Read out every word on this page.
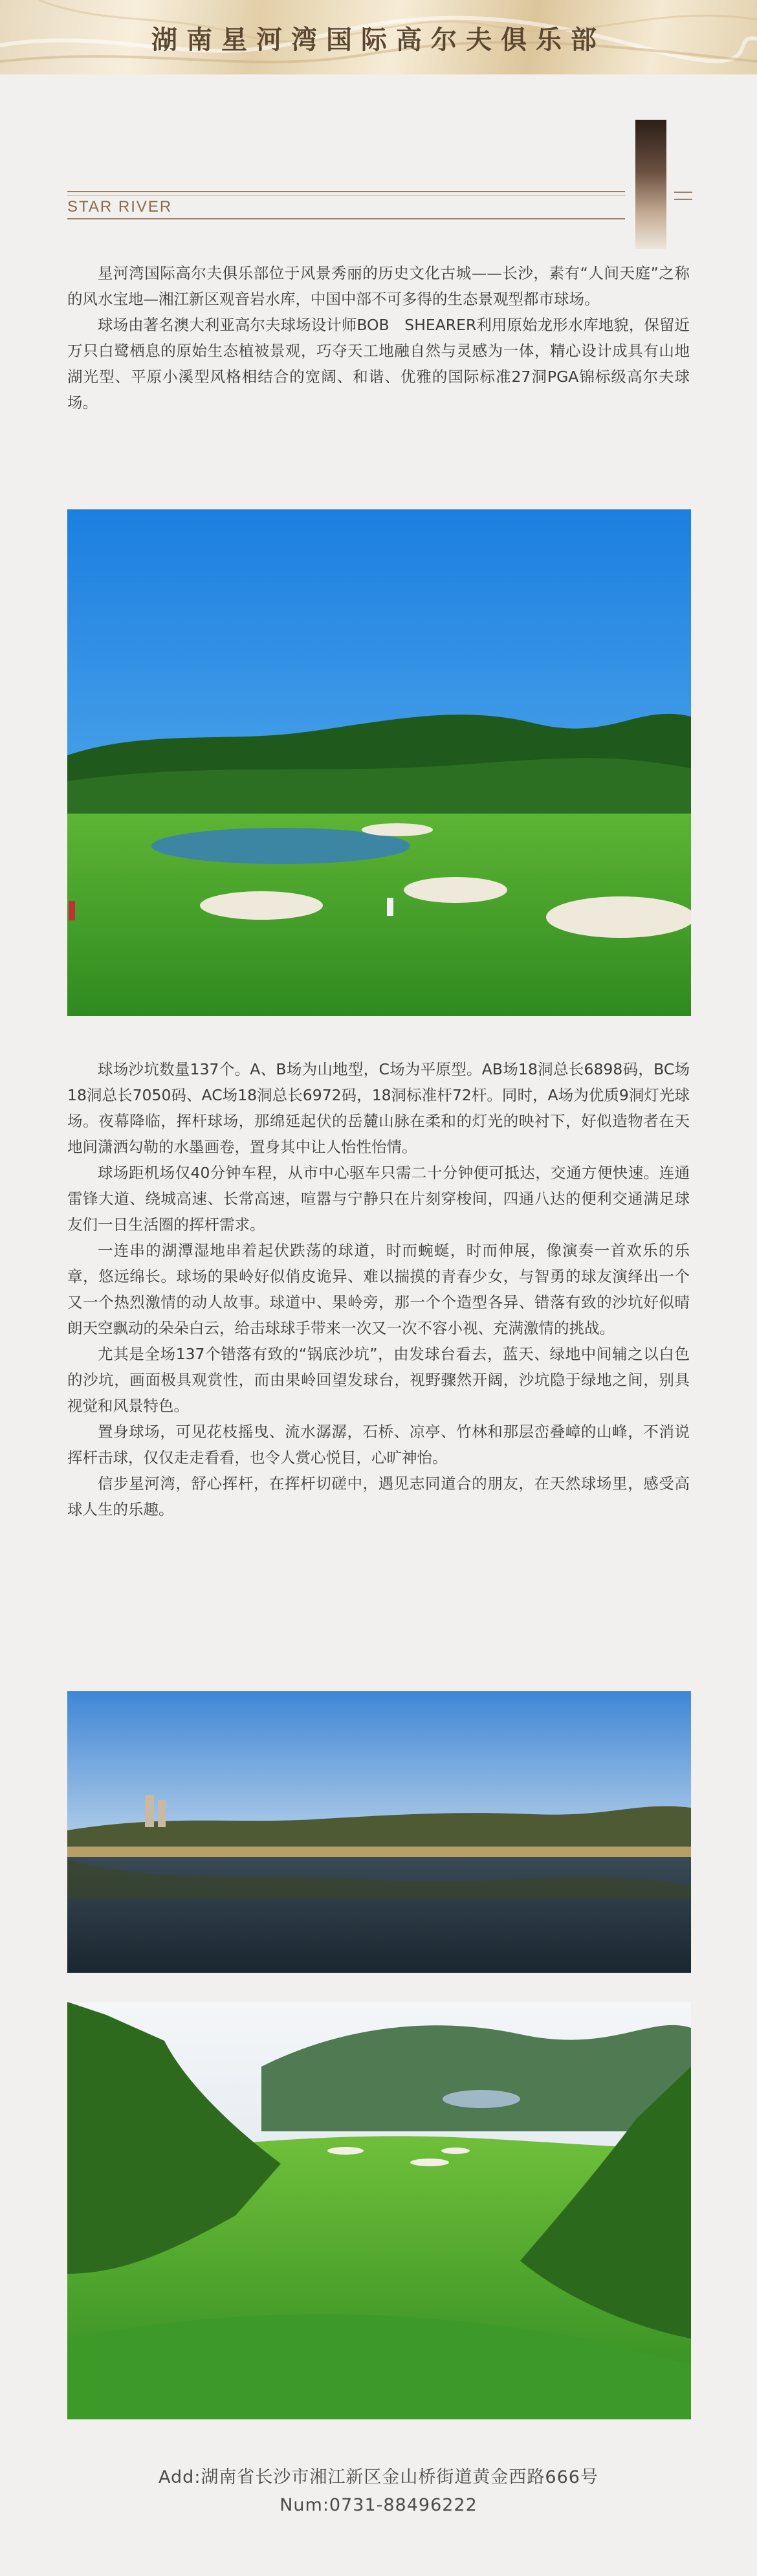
湖南星河湾国际高尔夫俱乐部
STAR RIVER

星河湾国际高尔夫俱乐部位于风景秀丽的历史文化古城——长沙，素有“人间天庭”之称的风水宝地—湘江新区观音岩水库，中国中部不可多得的生态景观型都市球场。

球场由著名澳大利亚高尔夫球场设计师BOB　SHEARER利用原始龙形水库地貌，保留近万只白鹭栖息的原始生态植被景观，巧夺天工地融自然与灵感为一体，精心设计成具有山地湖光型、平原小溪型风格相结合的宽阔、和谐、优雅的国际标准27洞PGA锦标级高尔夫球场。

球场沙坑数量137个。A、B场为山地型，C场为平原型。AB场18洞总长6898码，BC场18洞总长7050码、AC场18洞总长6972码，18洞标准杆72杆。同时，A场为优质9洞灯光球场。夜幕降临，挥杆球场，那绵延起伏的岳麓山脉在柔和的灯光的映衬下，好似造物者在天地间潇洒勾勒的水墨画卷，置身其中让人怡性怡情。

球场距机场仅40分钟车程，从市中心驱车只需二十分钟便可抵达，交通方便快速。连通雷锋大道、绕城高速、长常高速，喧嚣与宁静只在片刻穿梭间，四通八达的便利交通满足球友们一日生活圈的挥杆需求。

一连串的湖潭湿地串着起伏跌荡的球道，时而蜿蜒，时而伸展，像演奏一首欢乐的乐章，悠远绵长。球场的果岭好似俏皮诡异、难以揣摸的青春少女，与智勇的球友演绎出一个又一个热烈激情的动人故事。球道中、果岭旁，那一个个造型各异、错落有致的沙坑好似晴朗天空飘动的朵朵白云，给击球球手带来一次又一次不容小视、充满激情的挑战。

尤其是全场137个错落有致的“锅底沙坑”，由发球台看去，蓝天、绿地中间辅之以白色的沙坑，画面极具观赏性，而由果岭回望发球台，视野骤然开阔，沙坑隐于绿地之间，别具视觉和风景特色。

置身球场，可见花枝摇曳、流水潺潺，石桥、凉亭、竹林和那层峦叠嶂的山峰，不消说挥杆击球，仅仅走走看看，也令人赏心悦目，心旷神怡。

信步星河湾，舒心挥杆，在挥杆切磋中，遇见志同道合的朋友，在天然球场里，感受高球人生的乐趣。

Add:湖南省长沙市湘江新区金山桥街道黄金西路666号
Num:0731-88496222
